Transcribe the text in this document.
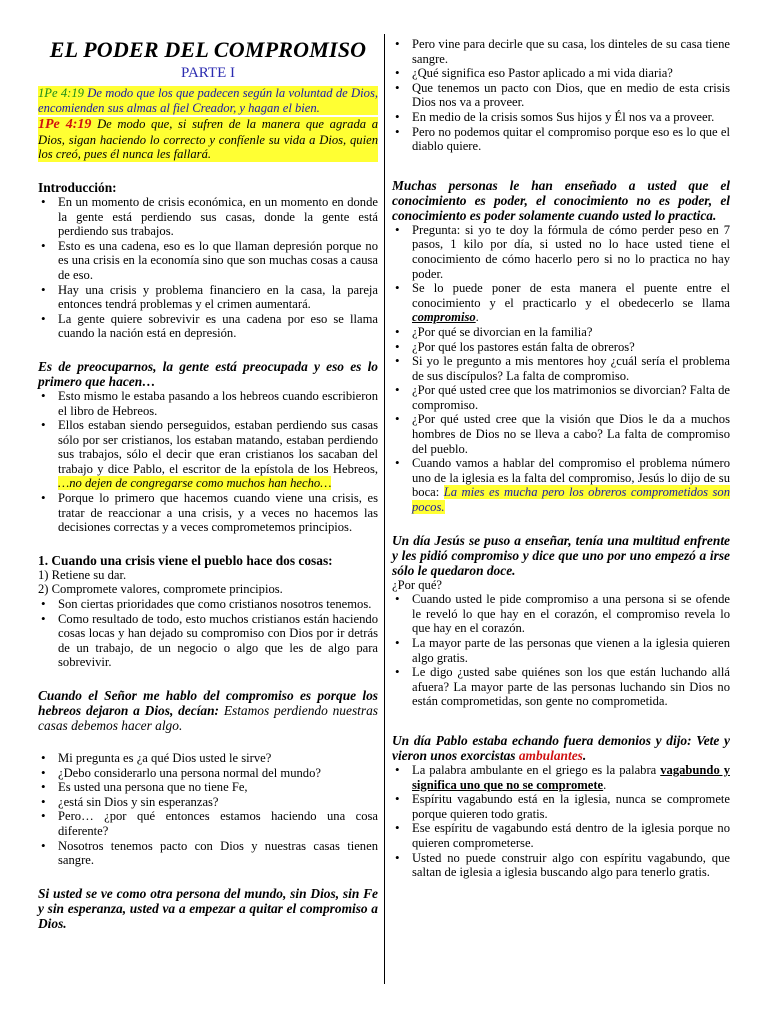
EL PODER DEL COMPROMISO

PARTE I

1Pe 4:19 De modo que los que padecen según la voluntad de Dios, encomienden sus almas al fiel Creador, y hagan el bien.

1Pe 4:19 De modo que, si sufren de la manera que agrada a Dios, sigan haciendo lo correcto y confíenle su vida a Dios, quien los creó, pues él nunca les fallará.

Introducción:

• En un momento de crisis económica, en un momento en donde la gente está perdiendo sus casas, donde la gente está perdiendo sus trabajos.
• Esto es una cadena, eso es lo que llaman depresión porque no es una crisis en la economía sino que son muchas cosas a causa de eso.
• Hay una crisis y problema financiero en la casa, la pareja entonces tendrá problemas y el crimen aumentará.
• La gente quiere sobrevivir es una cadena por eso se llama cuando la nación está en depresión.

Es de preocuparnos, la gente está preocupada y eso es lo primero que hacen…

• Esto mismo le estaba pasando a los hebreos cuando escribieron el libro de Hebreos.
• Ellos estaban siendo perseguidos, estaban perdiendo sus casas sólo por ser cristianos, los estaban matando, estaban perdiendo sus trabajos, sólo el decir que eran cristianos los sacaban del trabajo y dice Pablo, el escritor de la epístola de los Hebreos, …no dejen de congregarse como muchos han hecho…
• Porque lo primero que hacemos cuando viene una crisis, es tratar de reaccionar a una crisis, y a veces no hacemos las decisiones correctas y a veces comprometemos principios.

1. Cuando una crisis viene el pueblo hace dos cosas:

1) Retiene su dar.

2) Compromete valores, compromete principios.

• Son ciertas prioridades que como cristianos nosotros tenemos.
• Como resultado de todo, esto muchos cristianos están haciendo cosas locas y han dejado su compromiso con Dios por ir detrás de un trabajo, de un negocio o algo que les de algo para sobrevivir.

Cuando el Señor me hablo del compromiso es porque los hebreos dejaron a Dios, decían: Estamos perdiendo nuestras casas debemos hacer algo.

• Mi pregunta es ¿a qué Dios usted le sirve?
• ¿Debo considerarlo una persona normal del mundo?
• Es usted una persona que no tiene Fe,
• ¿está sin Dios y sin esperanzas?
• Pero… ¿por qué entonces estamos haciendo una cosa diferente?
• Nosotros tenemos pacto con Dios y nuestras casas tienen sangre.

Si usted se ve como otra persona del mundo, sin Dios, sin Fe y sin esperanza, usted va a empezar a quitar el compromiso a Dios.

• Pero vine para decirle que su casa, los dinteles de su casa tiene sangre.
• ¿Qué significa eso Pastor aplicado a mi vida diaria?
• Que tenemos un pacto con Dios, que en medio de esta crisis Dios nos va a proveer.
• En medio de la crisis somos Sus hijos y Él nos va a proveer.
• Pero no podemos quitar el compromiso porque eso es lo que el diablo quiere.

Muchas personas le han enseñado a usted que el conocimiento es poder, el conocimiento no es poder, el conocimiento es poder solamente cuando usted lo practica.

• Pregunta: si yo te doy la fórmula de cómo perder peso en 7 pasos, 1 kilo por día, si usted no lo hace usted tiene el conocimiento de cómo hacerlo pero si no lo practica no hay poder.
• Se lo puede poner de esta manera el puente entre el conocimiento y el practicarlo y el obedecerlo se llama compromiso.
• ¿Por qué se divorcian en la familia?
• ¿Por qué los pastores están falta de obreros?
• Si yo le pregunto a mis mentores hoy ¿cuál sería el problema de sus discípulos? La falta de compromiso.
• ¿Por qué usted cree que los matrimonios se divorcian? Falta de compromiso.
• ¿Por qué usted cree que la visión que Dios le da a muchos hombres de Dios no se lleva a cabo? La falta de compromiso del pueblo.
• Cuando vamos a hablar del compromiso el problema número uno de la iglesia es la falta del compromiso, Jesús lo dijo de su boca: La mies es mucha pero los obreros comprometidos son pocos.

Un día Jesús se puso a enseñar, tenía una multitud enfrente y les pidió compromiso y dice que uno por uno empezó a irse sólo le quedaron doce.

¿Por qué?

• Cuando usted le pide compromiso a una persona si se ofende le reveló lo que hay en el corazón, el compromiso revela lo que hay en el corazón.
• La mayor parte de las personas que vienen a la iglesia quieren algo gratis.
• Le digo ¿usted sabe quiénes son los que están luchando allá afuera? La mayor parte de las personas luchando sin Dios no están comprometidas, son gente no comprometida.

Un día Pablo estaba echando fuera demonios y dijo: Vete y vieron unos exorcistas ambulantes.

• La palabra ambulante en el griego es la palabra vagabundo y significa uno que no se compromete.
• Espíritu vagabundo está en la iglesia, nunca se compromete porque quieren todo gratis.
• Ese espíritu de vagabundo está dentro de la iglesia porque no quieren comprometerse.
• Usted no puede construir algo con espíritu vagabundo, que saltan de iglesia a iglesia buscando algo para tenerlo gratis.
